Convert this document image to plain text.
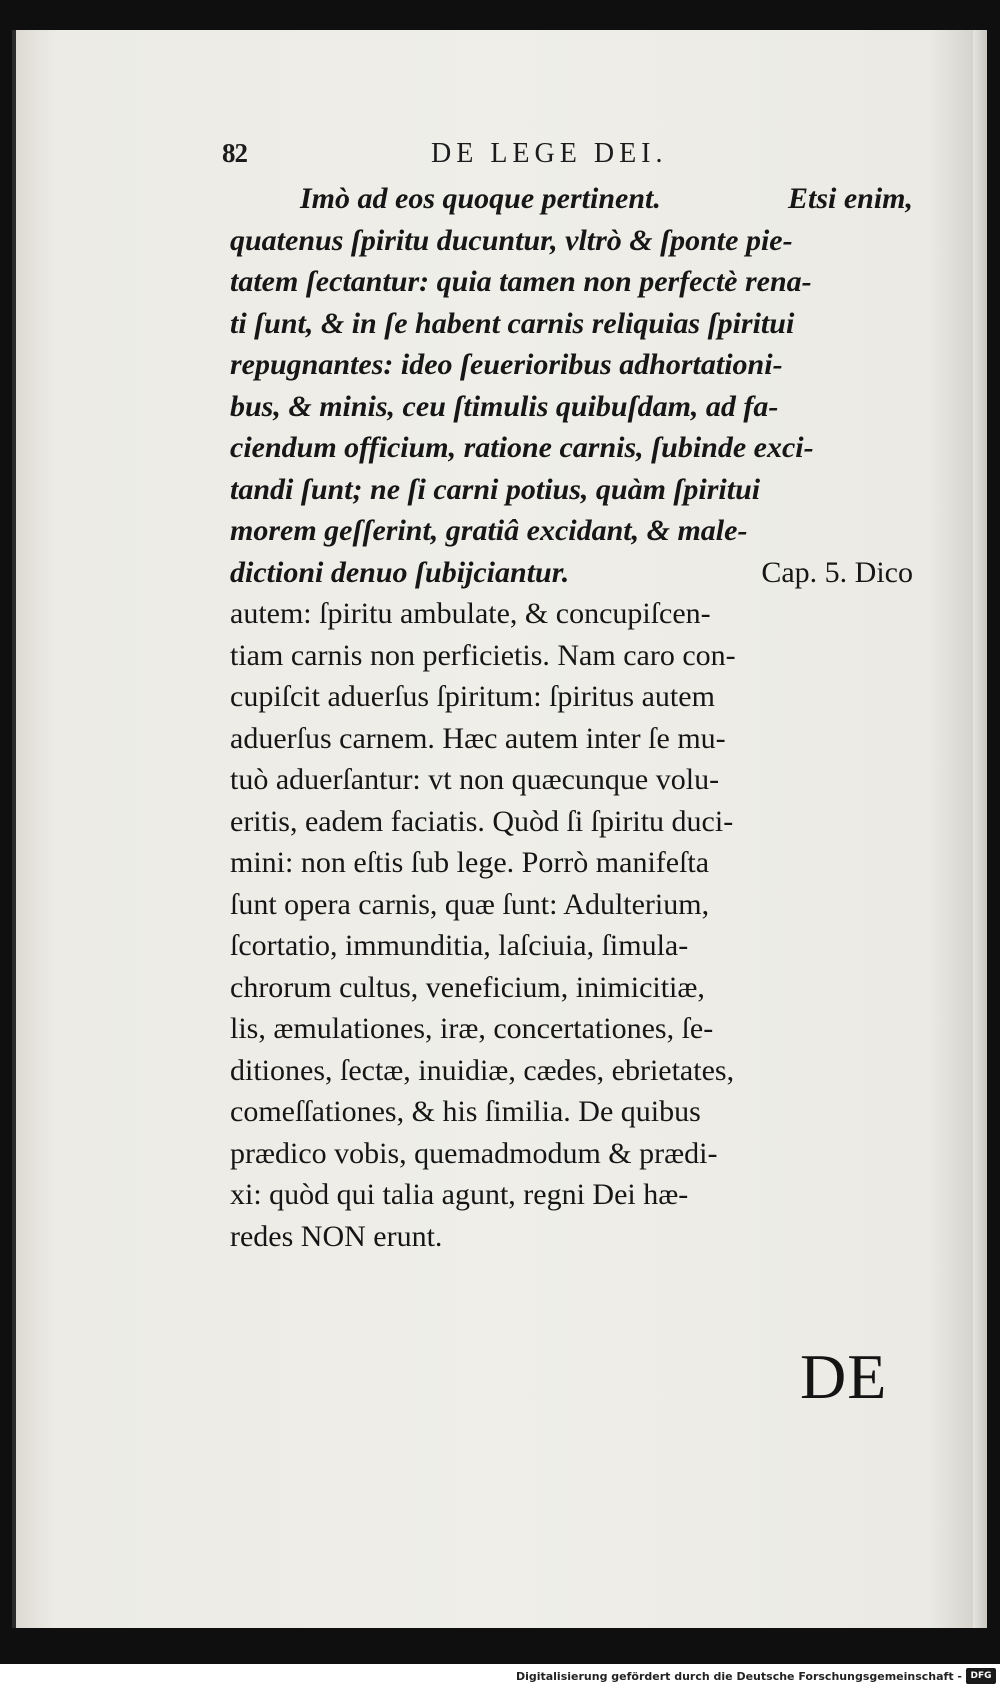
82	DE LEGE DEI.
Imò ad eos quoque pertinent.	Etsi enim,
quatenus ſpiritu ducuntur, vltrò & ſponte pie-
tatem ſectantur: quia tamen non perfectè rena-
ti ſunt, & in ſe habent carnis reliquias ſpiritui
repugnantes: ideo ſeuerioribus adhortationi-
bus, & minis, ceu ſtimulis quibuſdam, ad fa-
ciendum officium, ratione carnis, ſubinde exci-
tandi ſunt; ne ſi carni potius, quàm ſpiritui
morem geſſerint, gratiâ excidant, & male-
dictioni denuo ſubijciantur.	Cap. 5. Dico
autem: ſpiritu ambulate, & concupiſcen-
tiam carnis non perficietis. Nam caro con-
cupiſcit aduerſus ſpiritum: ſpiritus autem
aduerſus carnem. Hæc autem inter ſe mu-
tuò aduerſantur: vt non quæcunque volu-
eritis, eadem faciatis. Quòd ſi ſpiritu duci-
mini: non eſtis ſub lege. Porrò manifeſta
ſunt opera carnis, quæ ſunt: Adulterium,
ſcortatio, immunditia, laſciuia, ſimula-
chrorum cultus, veneficium, inimicitiæ,
lis, æmulationes, iræ, concertationes, ſe-
ditiones, ſectæ, inuidiæ, cædes, ebrietates,
comeſſationes, & his ſimilia. De quibus
prædico vobis, quemadmodum & prædi-
xi: quòd qui talia agunt, regni Dei hæ-
redes NON erunt.
DE
Digitalisierung gefördert durch die Deutsche Forschungsgemeinschaft - DFG
